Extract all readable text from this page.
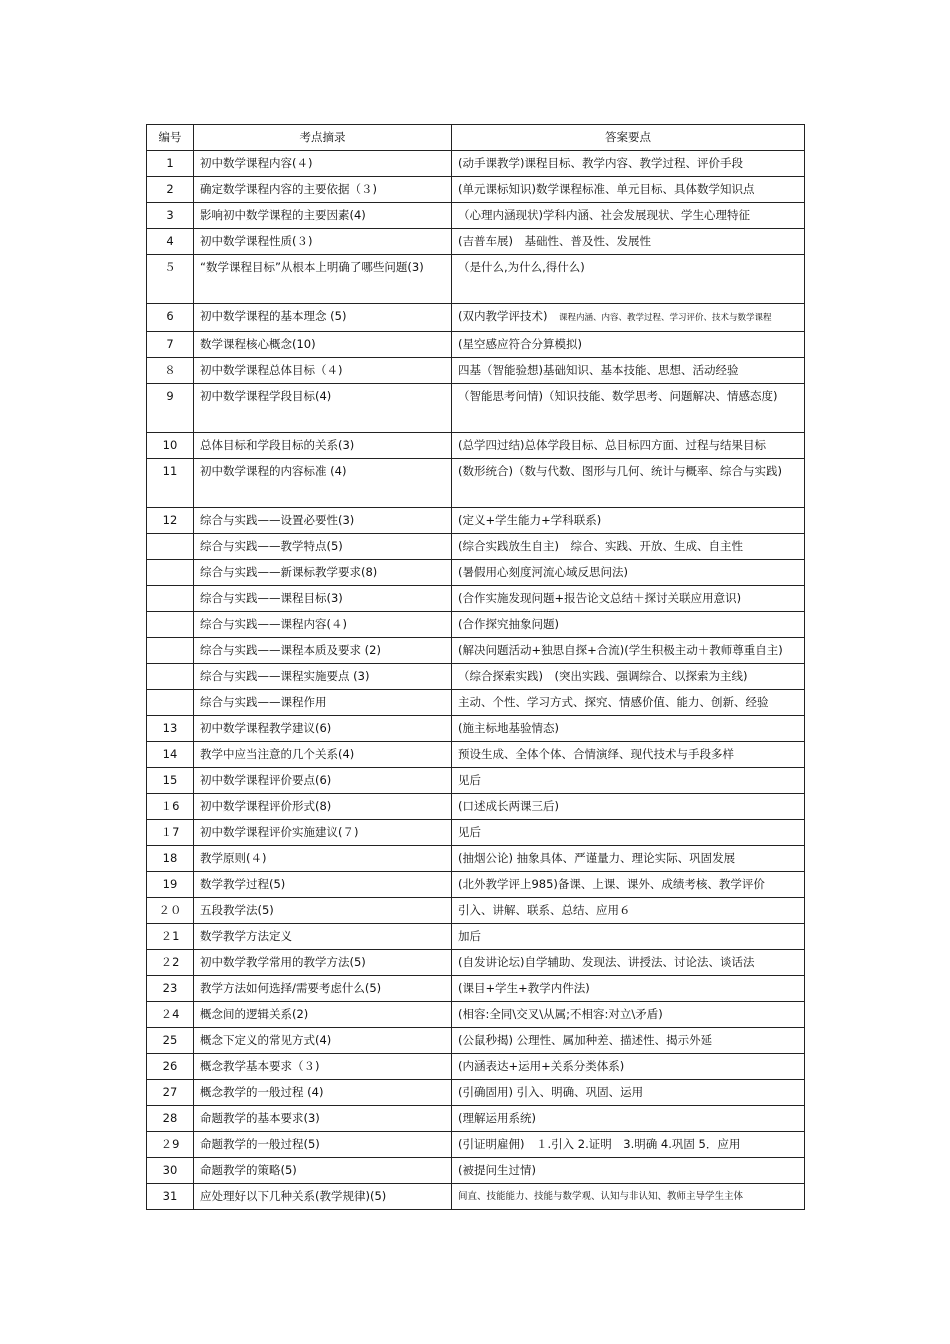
编号	考点摘录	答案要点
1	初中数学课程内容(４)	(动手课教学)课程目标、教学内容、教学过程、评价手段
2	确定数学课程内容的主要依据（３)	(单元课标知识)数学课程标准、单元目标、具体数学知识点
3	影响初中数学课程的主要因素(4)	（心理内涵现状)学科内涵、社会发展现状、学生心理特征
4	初中数学课程性质(３)	(吉普车展)　基础性、普及性、发展性
５	“数学课程目标”从根本上明确了哪些问题(3)	（是什么,为什么,得什么)
6	初中数学课程的基本理念 (5)	(双内教学评技术)　 课程内涵、内容、教学过程、学习评价、技术与数学课程
7	数学课程核心概念(10)	(星空感应符合分算模拟)
８	初中数学课程总体目标（４)	四基（智能验想)基础知识、基本技能、思想、活动经验
9	初中数学课程学段目标(4)	（智能思考问情)（知识技能、数学思考、问题解决、情感态度)
10	总体目标和学段目标的关系(3)	(总学四过结)总体学段目标、总目标四方面、过程与结果目标
11	初中数学课程的内容标准 (4)	(数形统合)（数与代数、图形与几何、统计与概率、综合与实践)
12	综合与实践——设置必要性(3)	(定义+学生能力+学科联系)
	综合与实践——教学特点(5)	(综合实践放生自主)　综合、实践、开放、生成、自主性
	综合与实践——新课标教学要求(8)	(暑假用心刻度河流心域反思问法)
	综合与实践——课程目标(3)	(合作实施发现问题+报告论文总结＋探讨关联应用意识)
	综合与实践——课程内容(４)	(合作探究抽象问题)
	综合与实践——课程本质及要求 (2)	(解决问题活动+独思自探+合流)(学生积极主动＋教师尊重自主)
	综合与实践——课程实施要点 (3)	（综合探索实践)　(突出实践、强调综合、以探索为主线)
	综合与实践——课程作用	主动、个性、学习方式、探究、情感价值、能力、创新、经验
13	初中数学课程教学建议(6)	(施主标地基验情态)
14	教学中应当注意的几个关系(4)	预设生成、全体个体、合情演绎、现代技术与手段多样
15	初中数学课程评价要点(6)	见后
１6	初中数学课程评价形式(8)	(口述成长两课三后)
１7	初中数学课程评价实施建议(７)	见后
18	教学原则(４)	(抽烟公论) 抽象具体、严谨量力、理论实际、巩固发展
19	数学教学过程(5)	(北外教学评上985)备课、上课、课外、成绩考核、教学评价
２０	五段教学法(5)	引入、讲解、联系、总结、应用６
２1	数学教学方法定义	加后
２2	初中数学教学常用的教学方法(5)	(自发讲论坛)自学辅助、发现法、讲授法、讨论法、谈话法
23	教学方法如何选择/需要考虑什么(5)	(课目+学生+教学内件法)
２4	概念间的逻辑关系(2)	(相容:全同\交叉\从属;不相容:对立\矛盾)
25	概念下定义的常见方式(4)	(公鼠秒揭) 公理性、属加种差、描述性、揭示外延
26	概念教学基本要求（３)	(内涵表达+运用+关系分类体系)
27	概念教学的一般过程 (4)	(引确固用) 引入、明确、巩固、运用
28	命题教学的基本要求(3)	(理解运用系统)
２9	命题教学的一般过程(5)	(引证明雇佣)　１.引入 2.证明　3.明确 4.巩固 5．应用
30	命题教学的策略(5)	(被提问生过情)
31	应处理好以下几种关系(教学规律)(5)	间直、技能能力、技能与数学观、认知与非认知、教师主导学生主体
